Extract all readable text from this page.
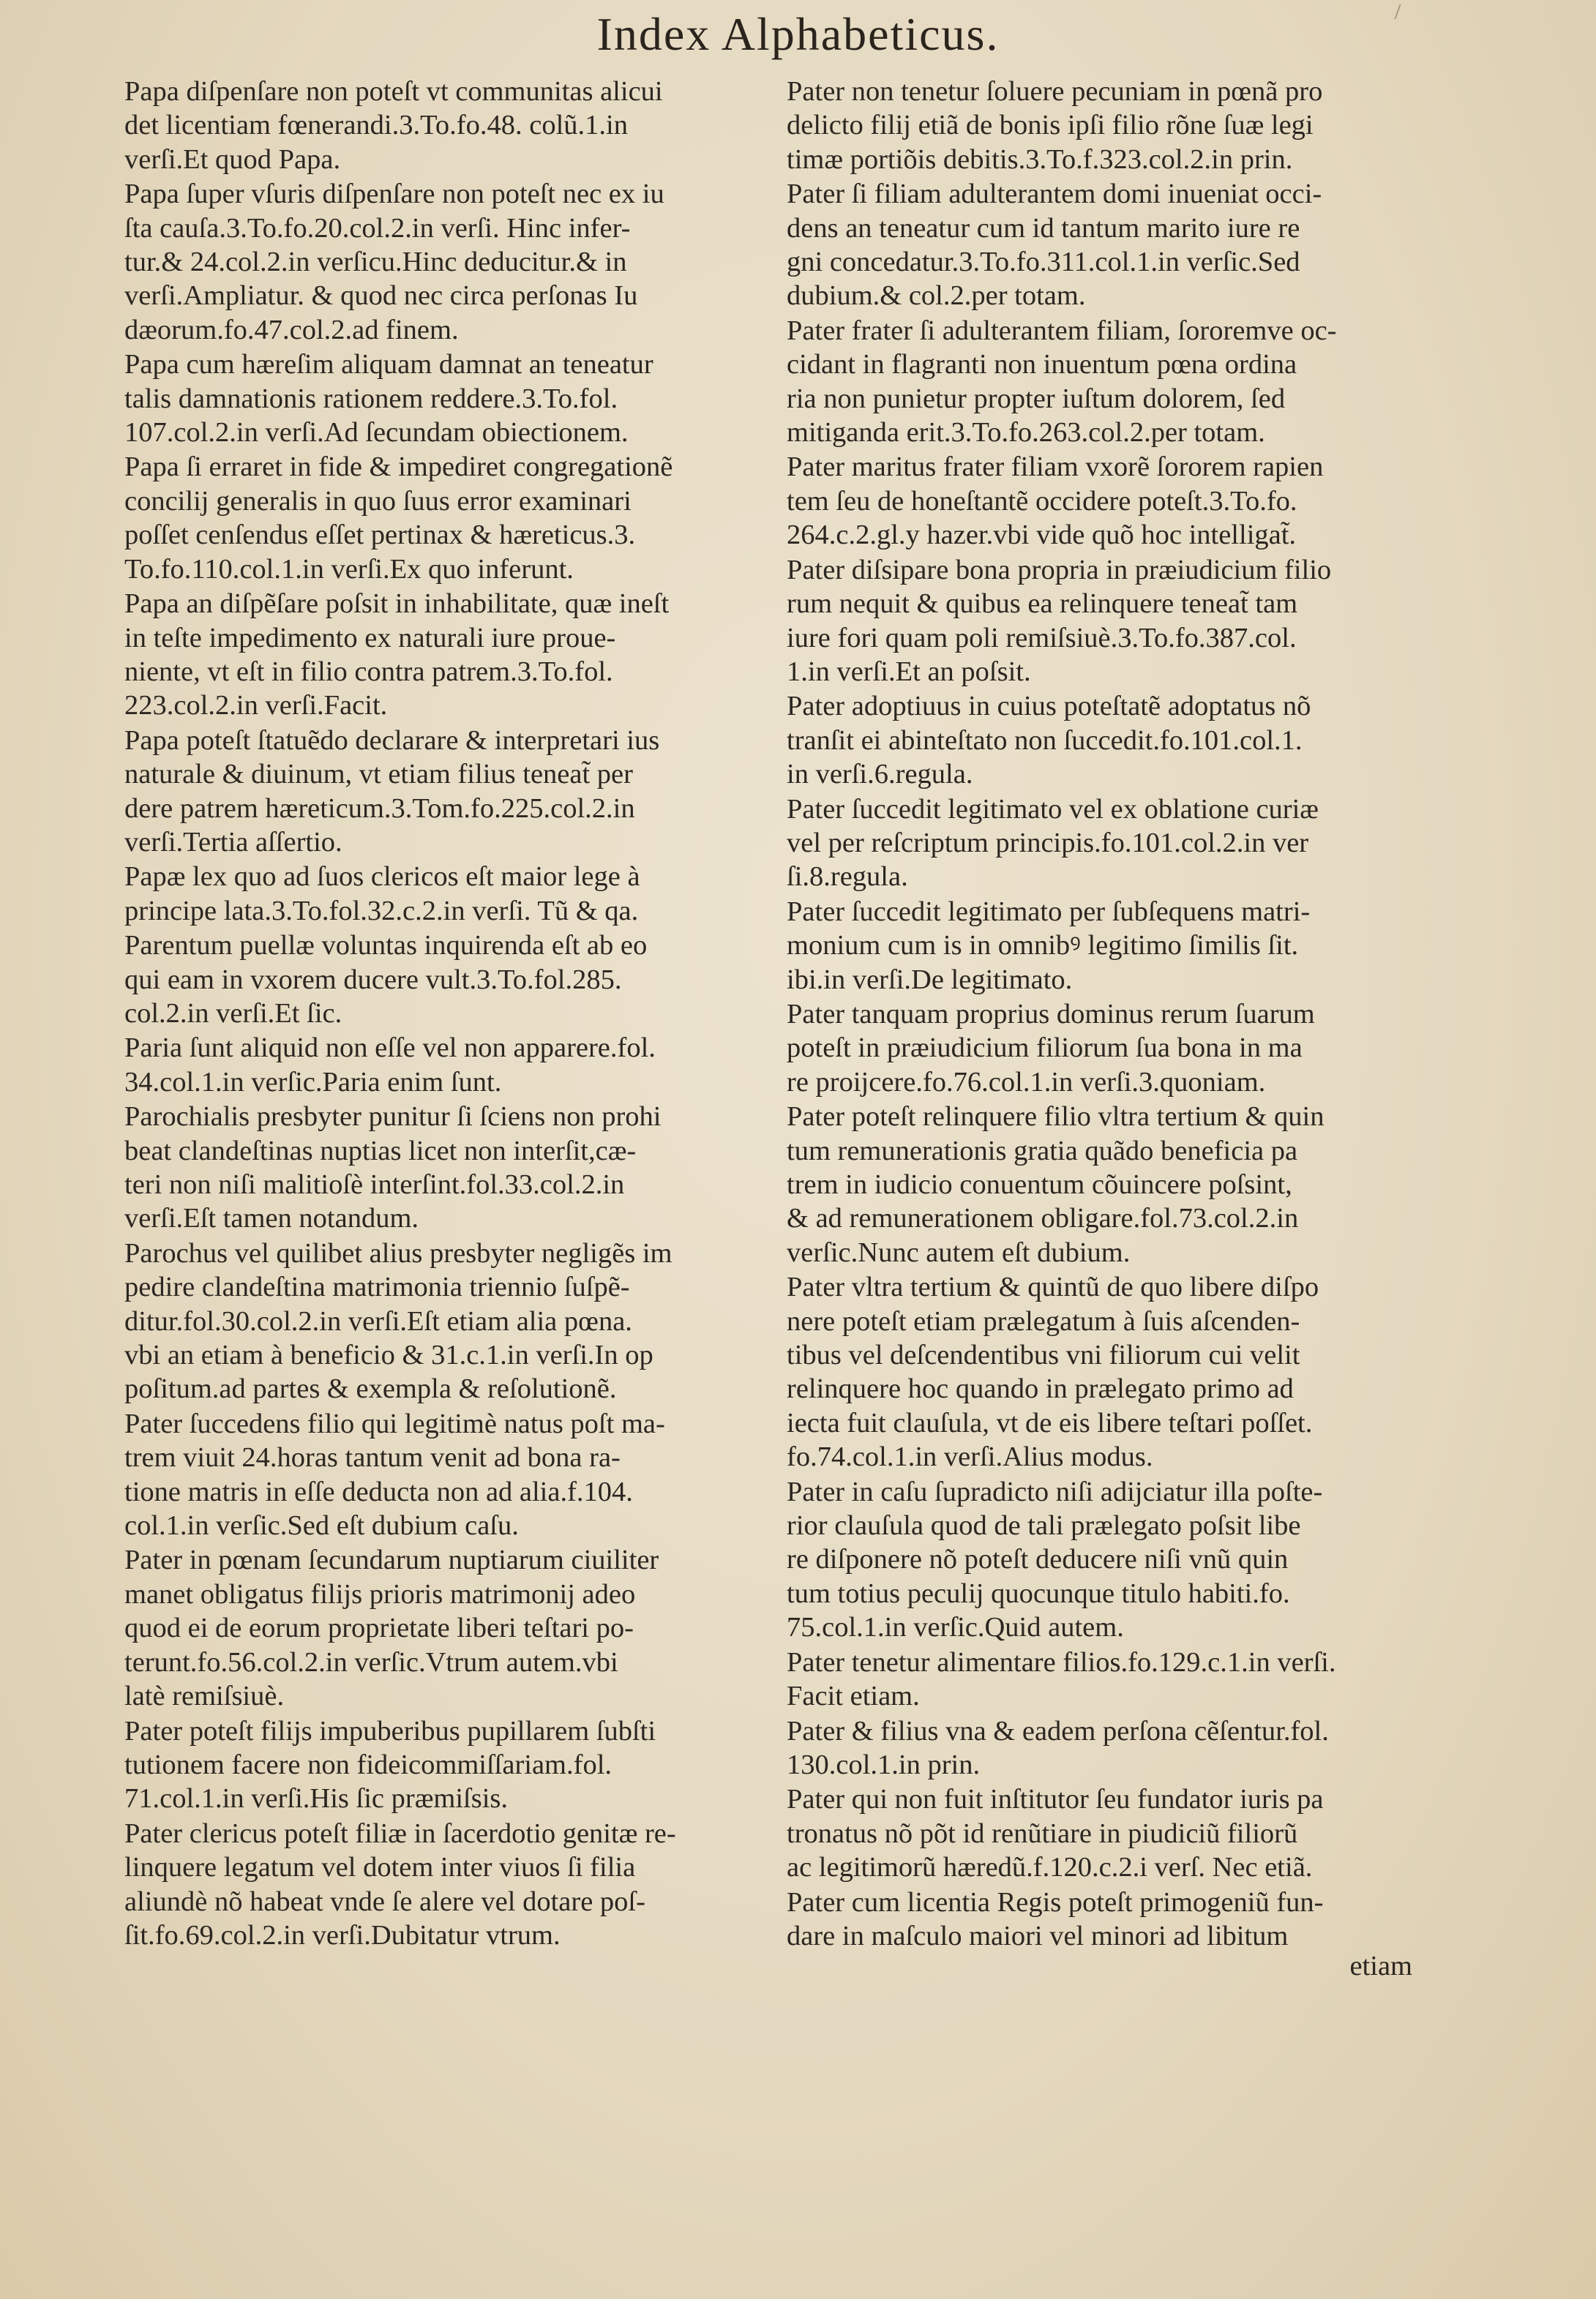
Index Alphabeticus.
Papa diſpenſare non poteſt vt communitas alicui
det licentiam fœnerandi.3.To.fo.48. colũ.1.in
verſi.Et quod Papa.
Papa ſuper vſuris diſpenſare non poteſt nec ex iu
ſta cauſa.3.To.fo.20.col.2.in verſi. Hinc infer-
tur.& 24.col.2.in verſicu.Hinc deducitur.& in
verſi.Ampliatur. & quod nec circa perſonas Iu
dæorum.fo.47.col.2.ad finem.
Papa cum hæreſim aliquam damnat an teneatur
talis damnationis rationem reddere.3.To.fol.
107.col.2.in verſi.Ad ſecundam obiectionem.
Papa ſi erraret in fide & impediret congregationẽ
concilij generalis in quo ſuus error examinari
poſſet cenſendus eſſet pertinax & hæreticus.3.
To.fo.110.col.1.in verſi.Ex quo inferunt.
Papa an diſpẽſare poſsit in inhabilitate, quæ ineſt
in teſte impedimento ex naturali iure proue-
niente, vt eſt in filio contra patrem.3.To.fol.
223.col.2.in verſi.Facit.
Papa poteſt ſtatuẽdo declarare & interpretari ius
naturale & diuinum, vt etiam filius teneat̃ per
dere patrem hæreticum.3.Tom.fo.225.col.2.in
verſi.Tertia aſſertio.
Papæ lex quo ad ſuos clericos eſt maior lege à
principe lata.3.To.fol.32.c.2.in verſi. Tũ & qa.
Parentum puellæ voluntas inquirenda eſt ab eo
qui eam in vxorem ducere vult.3.To.fol.285.
col.2.in verſi.Et ſic.
Paria ſunt aliquid non eſſe vel non apparere.fol.
34.col.1.in verſic.Paria enim ſunt.
Parochialis presbyter punitur ſi ſciens non prohi
beat clandeſtinas nuptias licet non interſit,cæ-
teri non niſi malitioſè interſint.fol.33.col.2.in
verſi.Eſt tamen notandum.
Parochus vel quilibet alius presbyter negligẽs im
pedire clandeſtina matrimonia triennio ſuſpẽ-
ditur.fol.30.col.2.in verſi.Eſt etiam alia pœna.
vbi an etiam à beneficio & 31.c.1.in verſi.In op
poſitum.ad partes & exempla & reſolutionẽ.
Pater ſuccedens filio qui legitimè natus poſt ma-
trem viuit 24.horas tantum venit ad bona ra-
tione matris in eſſe deducta non ad alia.f.104.
col.1.in verſic.Sed eſt dubium caſu.
Pater in pœnam ſecundarum nuptiarum ciuiliter
manet obligatus filijs prioris matrimonij adeo
quod ei de eorum proprietate liberi teſtari po-
terunt.fo.56.col.2.in verſic.Vtrum autem.vbi
latè remiſsiuè.
Pater poteſt filijs impuberibus pupillarem ſubſti
tutionem facere non fideicommiſſariam.fol.
71.col.1.in verſi.His ſic præmiſsis.
Pater clericus poteſt filiæ in ſacerdotio genitæ re-
linquere legatum vel dotem inter viuos ſi filia
aliundè nõ habeat vnde ſe alere vel dotare poſ-
ſit.fo.69.col.2.in verſi.Dubitatur vtrum.
Pater non tenetur ſoluere pecuniam in pœnã pro
delicto filij etiã de bonis ipſi filio rõne ſuæ legi
timæ portiõis debitis.3.To.f.323.col.2.in prin.
Pater ſi filiam adulterantem domi inueniat occi-
dens an teneatur cum id tantum marito iure re
gni concedatur.3.To.fo.311.col.1.in verſic.Sed
dubium.& col.2.per totam.
Pater frater ſi adulterantem filiam, ſororemve oc-
cidant in flagranti non inuentum pœna ordina
ria non punietur propter iuſtum dolorem, ſed
mitiganda erit.3.To.fo.263.col.2.per totam.
Pater maritus frater filiam vxorẽ ſororem rapien
tem ſeu de honeſtantẽ occidere poteſt.3.To.fo.
264.c.2.gl.y hazer.vbi vide quõ hoc intelligat̃.
Pater diſsipare bona propria in præiudicium filio
rum nequit & quibus ea relinquere teneat̃ tam
iure fori quam poli remiſsiuè.3.To.fo.387.col.
1.in verſi.Et an poſsit.
Pater adoptiuus in cuius poteſtatẽ adoptatus nõ
tranſit ei abinteſtato non ſuccedit.fo.101.col.1.
in verſi.6.regula.
Pater ſuccedit legitimato vel ex oblatione curiæ
vel per reſcriptum principis.fo.101.col.2.in ver
ſi.8.regula.
Pater ſuccedit legitimato per ſubſequens matri-
monium cum is in omnibꝰ legitimo ſimilis ſit.
ibi.in verſi.De legitimato.
Pater tanquam proprius dominus rerum ſuarum
poteſt in præiudicium filiorum ſua bona in ma
re proijcere.fo.76.col.1.in verſi.3.quoniam.
Pater poteſt relinquere filio vltra tertium & quin
tum remunerationis gratia quãdo beneficia pa
trem in iudicio conuentum cõuincere poſsint,
& ad remunerationem obligare.fol.73.col.2.in
verſic.Nunc autem eſt dubium.
Pater vltra tertium & quintũ de quo libere diſpo
nere poteſt etiam prælegatum à ſuis aſcenden-
tibus vel deſcendentibus vni filiorum cui velit
relinquere hoc quando in prælegato primo ad
iecta fuit clauſula, vt de eis libere teſtari poſſet.
fo.74.col.1.in verſi.Alius modus.
Pater in caſu ſupradicto niſi adijciatur illa poſte-
rior clauſula quod de tali prælegato poſsit libe
re diſponere nõ poteſt deducere niſi vnũ quin
tum totius peculij quocunque titulo habiti.fo.
75.col.1.in verſic.Quid autem.
Pater tenetur alimentare filios.fo.129.c.1.in verſi.
Facit etiam.
Pater & filius vna & eadem perſona cẽſentur.fol.
130.col.1.in prin.
Pater qui non fuit inſtitutor ſeu fundator iuris pa
tronatus nõ põt id renũtiare in piudiciũ filiorũ
ac legitimorũ hæredũ.f.120.c.2.i verſ. Nec etiã.
Pater cum licentia Regis poteſt primogeniũ fun-
dare in maſculo maiori vel minori ad libitum
etiam
